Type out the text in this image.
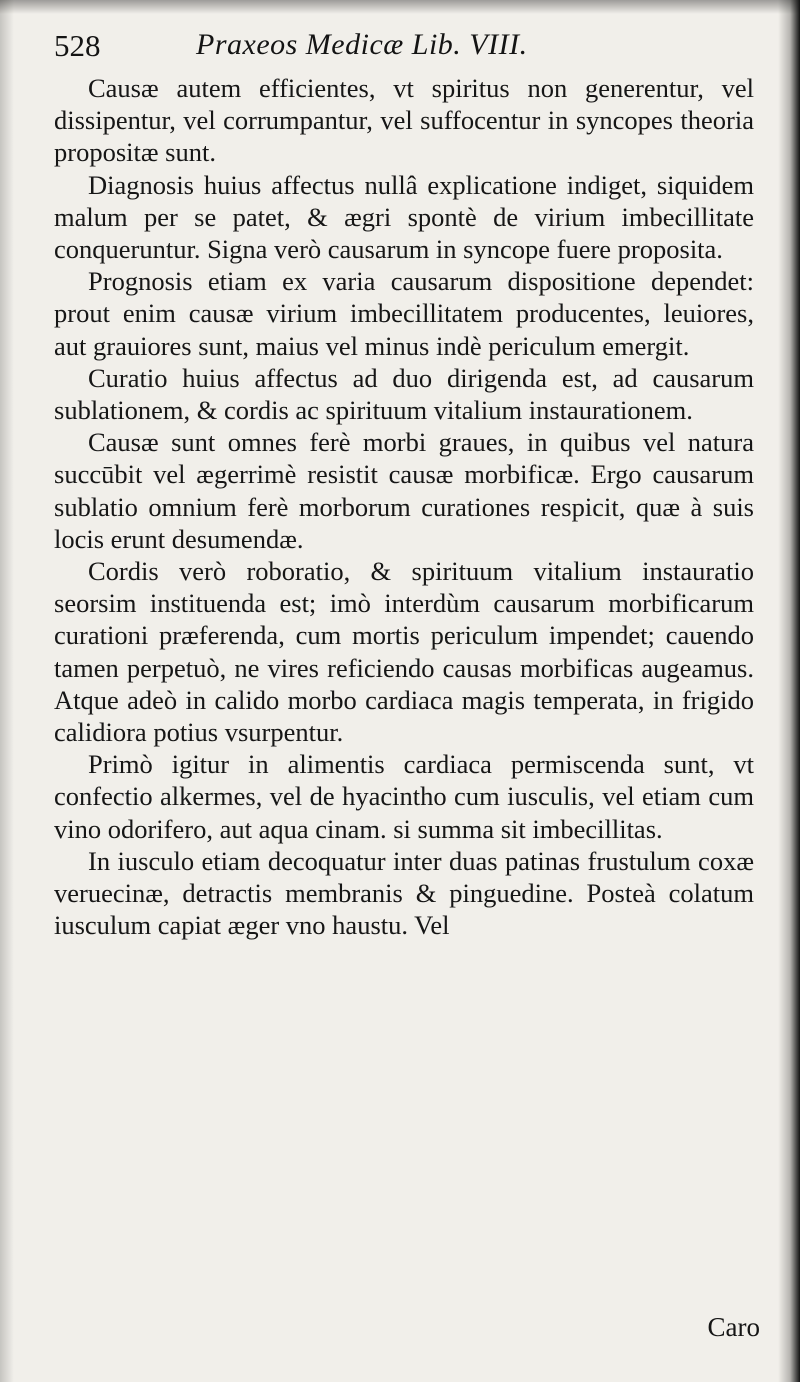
528	Praxeos Medicæ Lib. VIII.

Causæ autem efficientes, vt spiritus non generentur, vel dissipentur, vel corrumpantur, vel suffocentur in syncopes theoria propositæ sunt.

Diagnosis huius affectus nullâ explicatione indiget, siquidem malum per se patet, & ægri spontè de virium imbecillitate conqueruntur. Signa verò causarum in syncope fuere proposita.

Prognosis etiam ex varia causarum dispositione dependet: prout enim causæ virium imbecillitatem producentes, leuiores, aut grauiores sunt, maius vel minus indè periculum emergit.

Curatio huius affectus ad duo dirigenda est, ad causarum sublationem, & cordis ac spirituum vitalium instaurationem.

Causæ sunt omnes ferè morbi graues, in quibus vel natura succūbit vel ægerrimè resistit causæ morbificæ. Ergo causarum sublatio omnium ferè morborum curationes respicit, quæ à suis locis erunt desumendæ.

Cordis verò roboratio, & spirituum vitalium instauratio seorsim instituenda est; imò interdùm causarum morbificarum curationi præferenda, cum mortis periculum impendet; cauendo tamen perpetuò, ne vires reficiendo causas morbificas augeamus. Atque adeò in calido morbo cardiaca magis temperata, in frigido calidiora potius vsurpentur.

Primò igitur in alimentis cardiaca permiscenda sunt, vt confectio alkermes, vel de hyacintho cum iusculis, vel etiam cum vino odorifero, aut aqua cinam. si summa sit imbecillitas.

In iusculo etiam decoquatur inter duas patinas frustulum coxæ veruecinæ, detractis membranis & pinguedine. Posteà colatum iusculum capiat æger vno haustu. Vel

Caro
